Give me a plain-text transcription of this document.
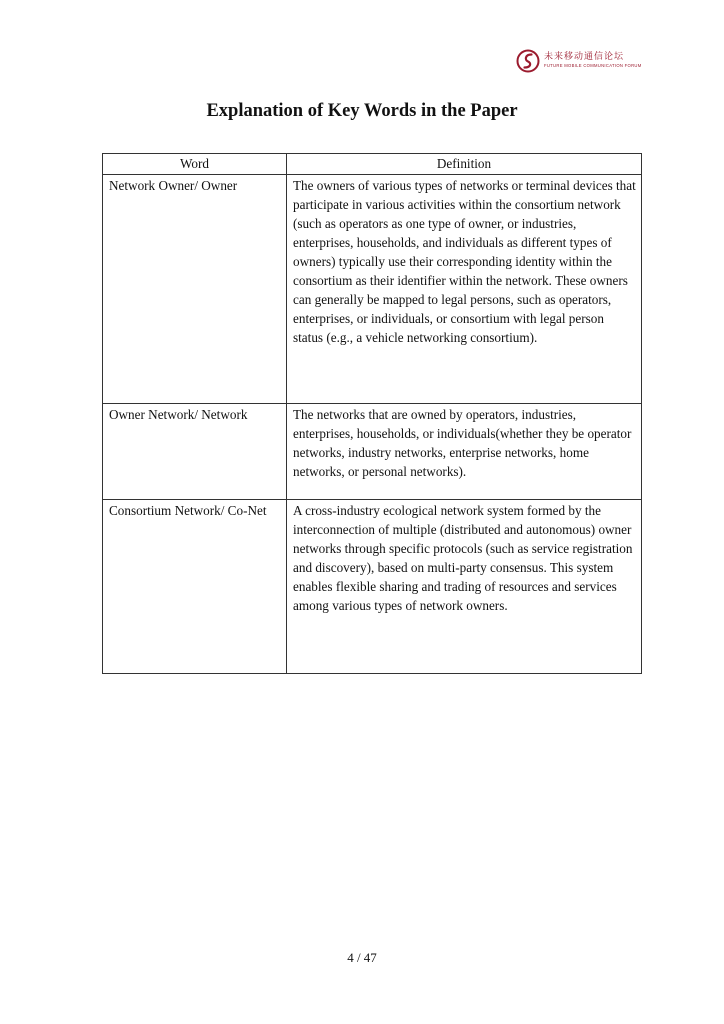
未来移动通信论坛
FUTURE MOBILE COMMUNICATION FORUM
Explanation of Key Words in the Paper
Word	Definition
Network Owner/ Owner	The owners of various types of networks or terminal devices that participate in various activities within the consortium network (such as operators as one type of owner, or industries, enterprises, households, and individuals as different types of owners) typically use their corresponding identity within the consortium as their identifier within the network. These owners can generally be mapped to legal persons, such as operators, enterprises, or individuals, or consortium with legal person status (e.g., a vehicle networking consortium).
Owner Network/ Network	The networks that are owned by operators, industries, enterprises, households, or individuals(whether they be operator networks, industry networks, enterprise networks, home networks, or personal networks).
Consortium Network/ Co-Net	A cross-industry ecological network system formed by the interconnection of multiple (distributed and autonomous) owner networks through specific protocols (such as service registration and discovery), based on multi-party consensus. This system enables flexible sharing and trading of resources and services among various types of network owners.
4 / 47
